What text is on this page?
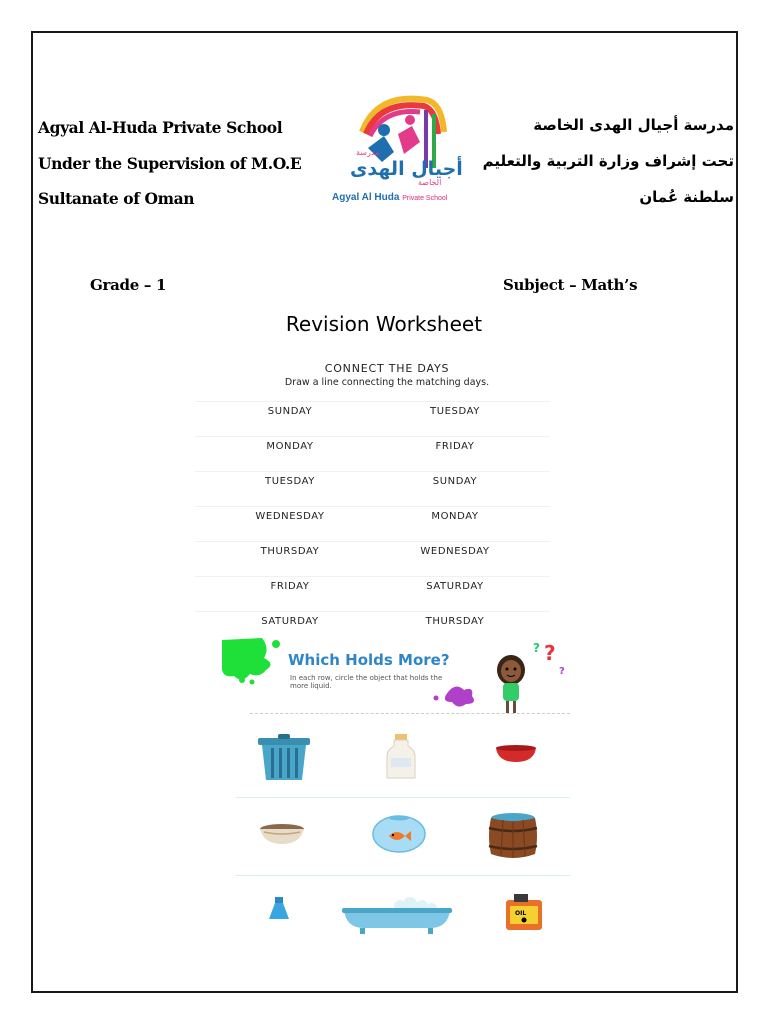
Agyal Al-Huda Private School
Under the Supervision of M.O.E
Sultanate of Oman
مدرسة أجيال الهدى الخاصة
تحت إشراف وزارة التربية والتعليم
سلطنة عُمان
مدرسة
أجيال الهدى
الخاصة
Agyal Al Huda Private School
Grade – 1	Subject – Math’s
Revision Worksheet
CONNECT THE DAYS
Draw a line connecting the matching days.
SUNDAY	TUESDAY
MONDAY	FRIDAY
TUESDAY	SUNDAY
WEDNESDAY	MONDAY
THURSDAY	WEDNESDAY
FRIDAY	SATURDAY
SATURDAY	THURSDAY
? ?
?
Which Holds More?
In each row, circle the object that holds the more liquid.
OIL
